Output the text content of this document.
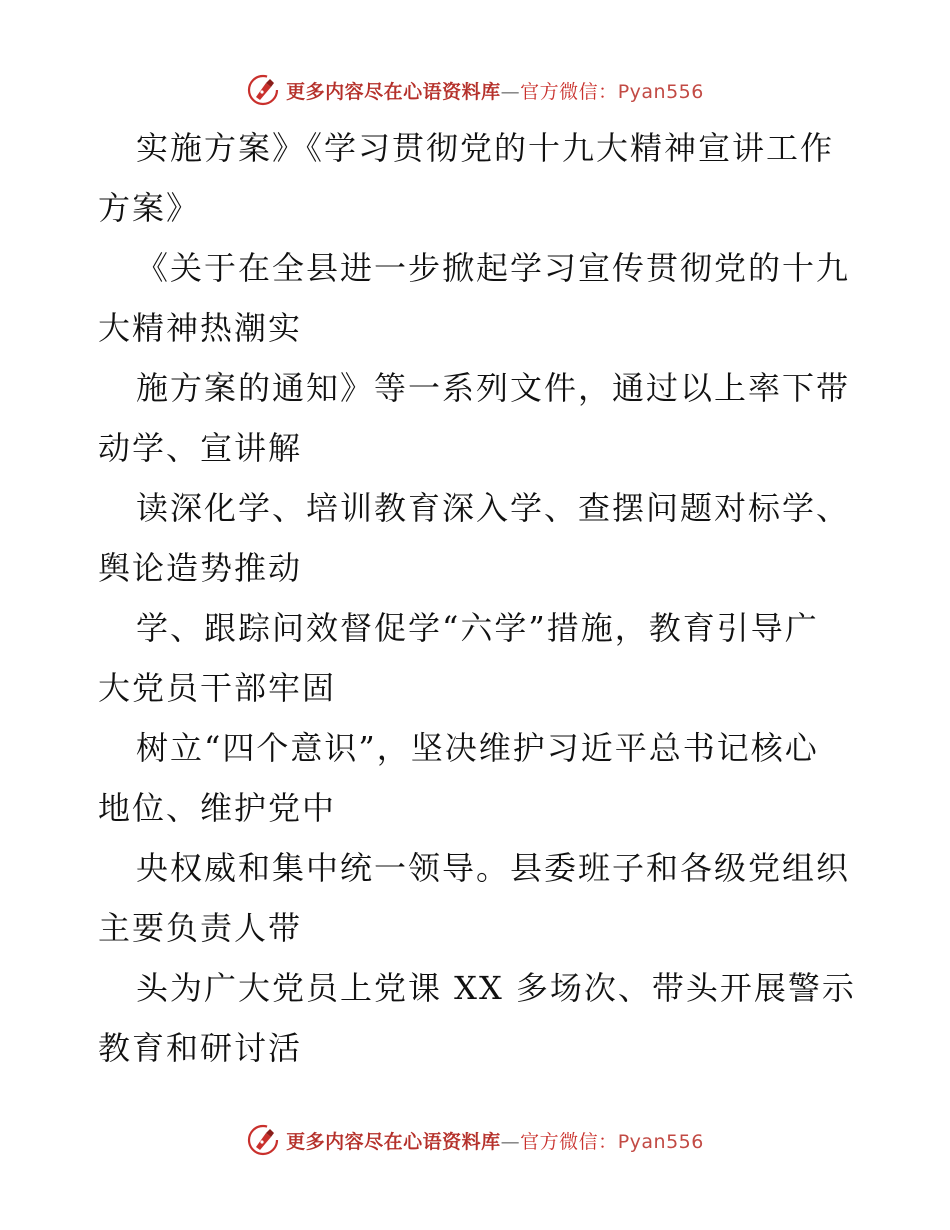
更多内容尽在心语资料库—官方微信：Pyan556

实施方案》《学习贯彻党的十九大精神宣讲工作
方案》

《关于在全县进一步掀起学习宣传贯彻党的十九
大精神热潮实

施方案的通知》等一系列文件，通过以上率下带
动学、宣讲解

读深化学、培训教育深入学、查摆问题对标学、
舆论造势推动

学、跟踪问效督促学“六学”措施，教育引导广
大党员干部牢固

树立“四个意识”，坚决维护习近平总书记核心
地位、维护党中

央权威和集中统一领导。县委班子和各级党组织
主要负责人带

头为广大党员上党课 XX 多场次、带头开展警示
教育和研讨活

更多内容尽在心语资料库—官方微信：Pyan556
